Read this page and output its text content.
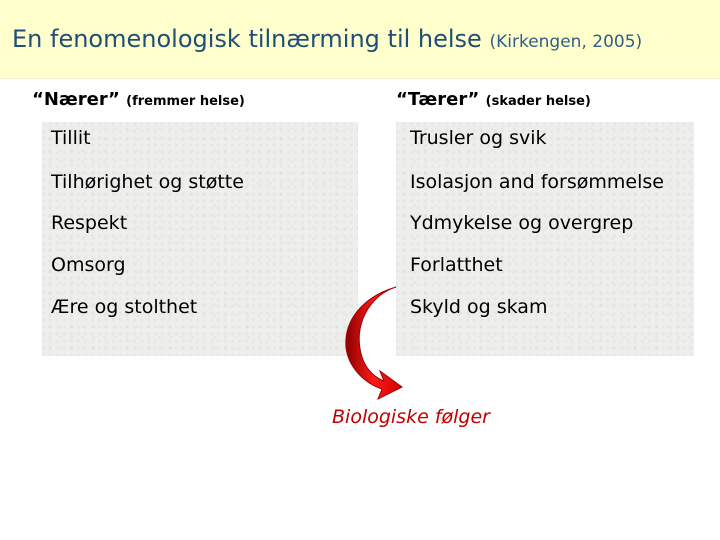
En fenomenologisk tilnærming til helse (Kirkengen, 2005)
“Nærer” (fremmer helse)	“Tærer” (skader helse)
Tillit
Tilhørighet og støtte
Respekt
Omsorg
Ære og stolthet
Trusler og svik
Isolasjon and forsømmelse
Ydmykelse og overgrep
Forlatthet
Skyld og skam
Biologiske følger
